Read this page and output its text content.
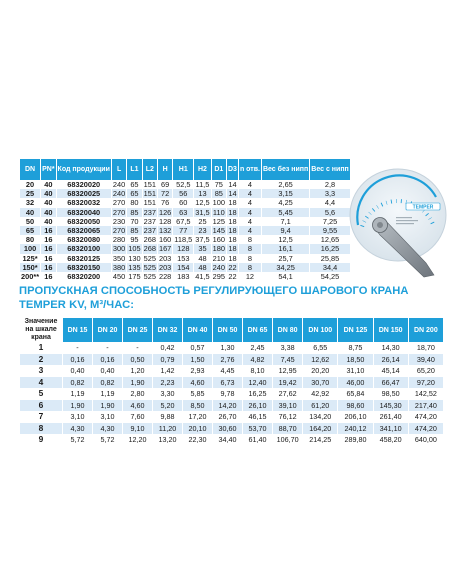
DN	PN*	Код продукции	L	L1	L2	H	H1	H2	D1	D3	n отв.	Вес без нипп	Вес с нипп
20	40	68320020	240	65	151	69	52,5	11,5	75	14	4	2,65	2,8
25	40	68320025	240	65	151	72	56	13	85	14	4	3,15	3,3
32	40	68320032	270	80	151	76	60	12,5	100	18	4	4,25	4,4
40	40	68320040	270	85	237	126	63	31,5	110	18	4	5,45	5,6
50	40	68320050	230	70	237	128	67,5	25	125	18	4	7,1	7,25
65	16	68320065	270	85	237	132	77	23	145	18	4	9,4	9,55
80	16	68320080	280	95	268	160	118,5	37,5	160	18	8	12,5	12,65
100	16	68320100	300	105	268	167	128	35	180	18	8	16,1	16,25
125*	16	68320125	350	130	525	203	153	48	210	18	8	25,7	25,85
150*	16	68320150	380	135	525	203	154	48	240	22	8	34,25	34,4
200**	16	68320200	450	175	525	228	183	41,5	295	22	12	54,1	54,25
TEMPER
ПРОПУСКНАЯ СПОСОБНОСТЬ РЕГУЛИРУЮЩЕГО ШАРОВОГО КРАНА TEMPER KV, М³/ЧАС:
Значение на шкале крана	DN 15	DN 20	DN 25	DN 32	DN 40	DN 50	DN 65	DN 80	DN 100	DN 125	DN 150	DN 200
1	-	-	-	0,42	0,57	1,30	2,45	3,38	6,55	8,75	14,30	18,70
2	0,16	0,16	0,50	0,79	1,50	2,76	4,82	7,45	12,62	18,50	26,14	39,40
3	0,40	0,40	1,20	1,42	2,93	4,45	8,10	12,95	20,20	31,10	45,14	65,20
4	0,82	0,82	1,90	2,23	4,60	6,73	12,40	19,42	30,70	46,00	66,47	97,20
5	1,19	1,19	2,80	3,30	5,85	9,78	16,25	27,62	42,92	65,84	98,50	142,52
6	1,90	1,90	4,60	5,20	8,50	14,20	26,10	39,10	61,20	98,60	145,30	217,40
7	3,10	3,10	7,60	9,88	17,20	26,70	46,15	76,12	134,20	206,10	261,40	474,20
8	4,30	4,30	9,10	11,20	20,10	30,60	53,70	88,70	164,20	240,12	341,10	474,20
9	5,72	5,72	12,20	13,20	22,30	34,40	61,40	106,70	214,25	289,80	458,20	640,00
